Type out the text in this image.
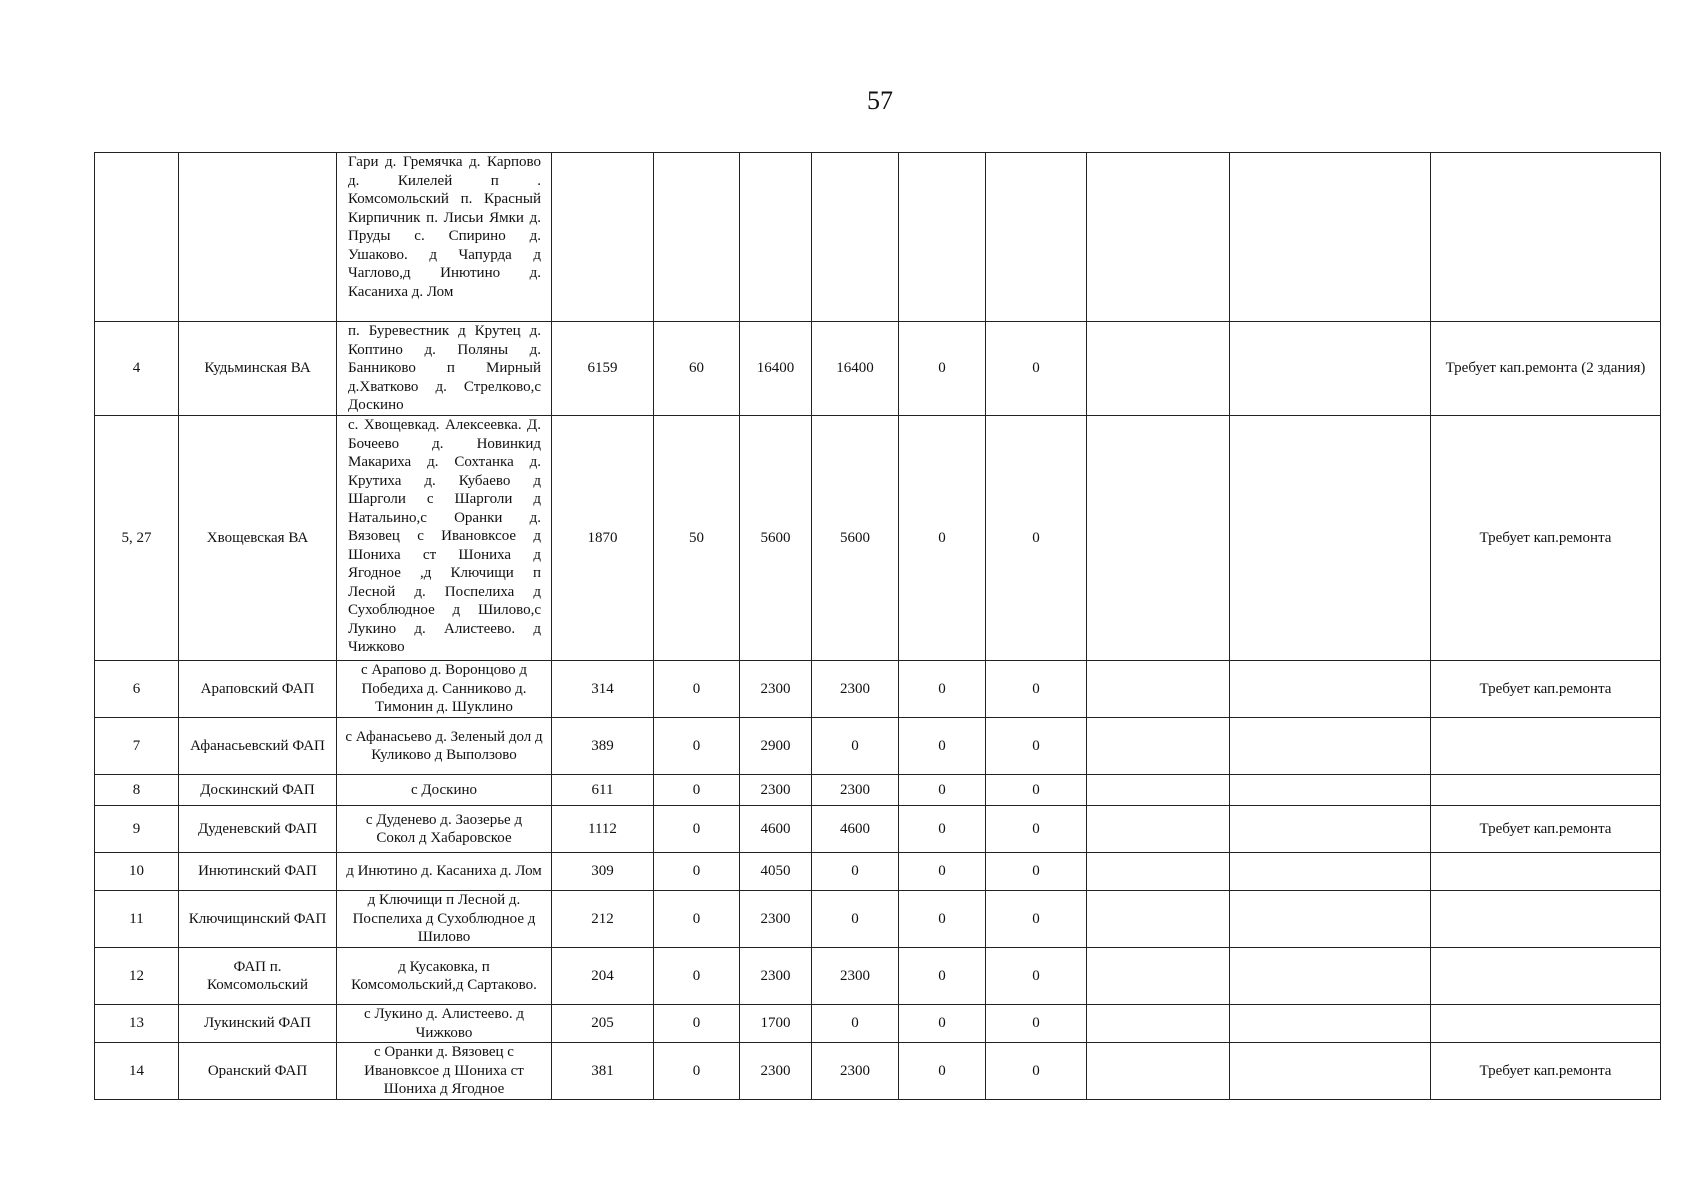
57
		Гари д. Гремячка д. Карпово д. Килелей п . Комсомольский п. Красный Кирпичник п. Лисьи Ямки д. Пруды с. Спирино д. Ушаково. д Чапурда д Чаглово,д Инютино д. Касаниха д. Лом									
4	Кудьминская ВА	п. Буревестник д Крутец д. Коптино д. Поляны д. Банниково п Мирный д.Хватково д. Стрелково,с Доскино	6159	60	16400	16400	0	0			Требует кап.ремонта (2 здания)
5, 27	Хвощевская ВА	с. Хвощевкад. Алексеевка. Д. Бочеево д. Новинкид Макариха д. Сохтанка д. Крутиха д. Кубаево д Шарголи с Шарголи д Натальино,с Оранки д. Вязовец с Ивановксое д Шониха ст Шониха д Ягодное ,д Ключищи п Лесной д. Поспелиха д Сухоблюдное д Шилово,с Лукино д. Алистеево. д Чижково	1870	50	5600	5600	0	0			Требует кап.ремонта
6	Араповский ФАП	с Арапово д. Воронцово д Победиха д. Санниково д. Тимонин д. Шуклино	314	0	2300	2300	0	0			Требует кап.ремонта
7	Афанасьевский ФАП	с Афанасьево д. Зеленый дол д Куликово д Выползово	389	0	2900	0	0	0			
8	Доскинский ФАП	с Доскино	611	0	2300	2300	0	0			
9	Дуденевский ФАП	с Дуденево д. Заозерье д Сокол д Хабаровское	1112	0	4600	4600	0	0			Требует кап.ремонта
10	Инютинский ФАП	д Инютино д. Касаниха д. Лом	309	0	4050	0	0	0			
11	Ключищинский ФАП	д Ключищи п Лесной д. Поспелиха д Сухоблюдное д Шилово	212	0	2300	0	0	0			
12	ФАП п. Комсомольский	д Кусаковка, п Комсомольский,д Сартаково.	204	0	2300	2300	0	0			
13	Лукинский ФАП	с Лукино д. Алистеево. д Чижково	205	0	1700	0	0	0			
14	Оранский ФАП	с Оранки д. Вязовец с Ивановксое д Шониха ст Шониха д Ягодное	381	0	2300	2300	0	0			Требует кап.ремонта
